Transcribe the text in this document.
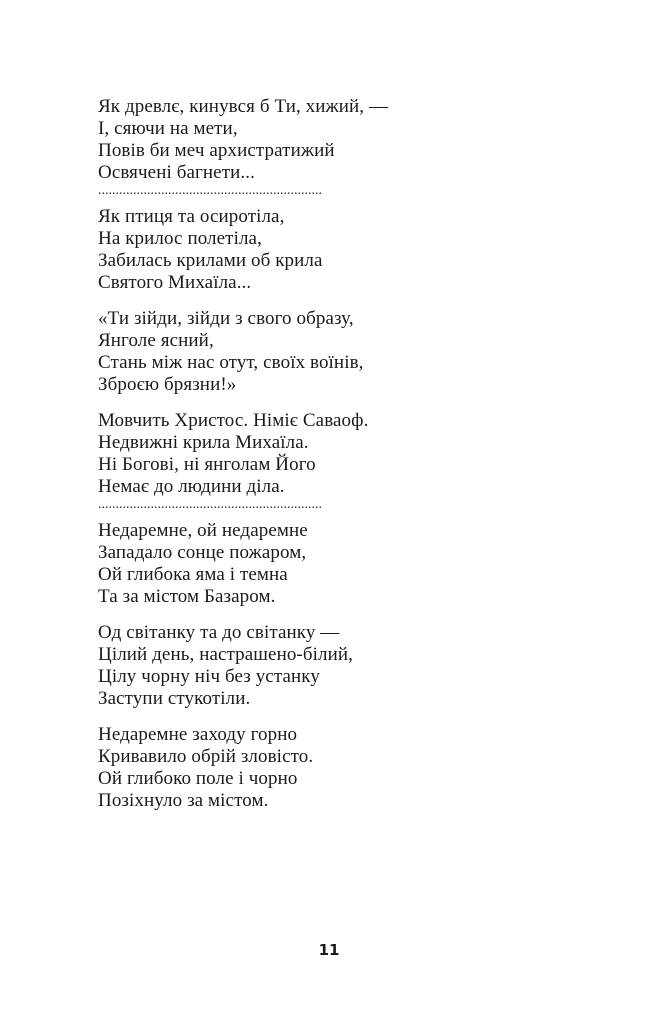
Як древлє, кинувся б Ти, хижий, —
І, сяючи на мети,
Повів би меч архистратижий
Освячені багнети...
................................................................
Як птиця та осиротіла,
На крилос полетіла,
Забилась крилами об крила
Святого Михаїла...
«Ти зійди, зійди з свого образу,
Янголе ясний,
Стань між нас отут, своїх воїнів,
Зброєю брязни!»
Мовчить Христос. Німіє Саваоф.
Недвижні крила Михаїла.
Ні Богові, ні янголам Його
Немає до людини діла.
................................................................
Недаремне, ой недаремне
Западало сонце пожаром,
Ой глибока яма і темна
Та за містом Базаром.
Од світанку та до світанку —
Цілий день, настрашено-білий,
Цілу чорну ніч без устанку
Заступи стукотіли.
Недаремне заходу горно
Кривавило обрій зловісто.
Ой глибоко поле і чорно
Позіхнуло за містом.
11
